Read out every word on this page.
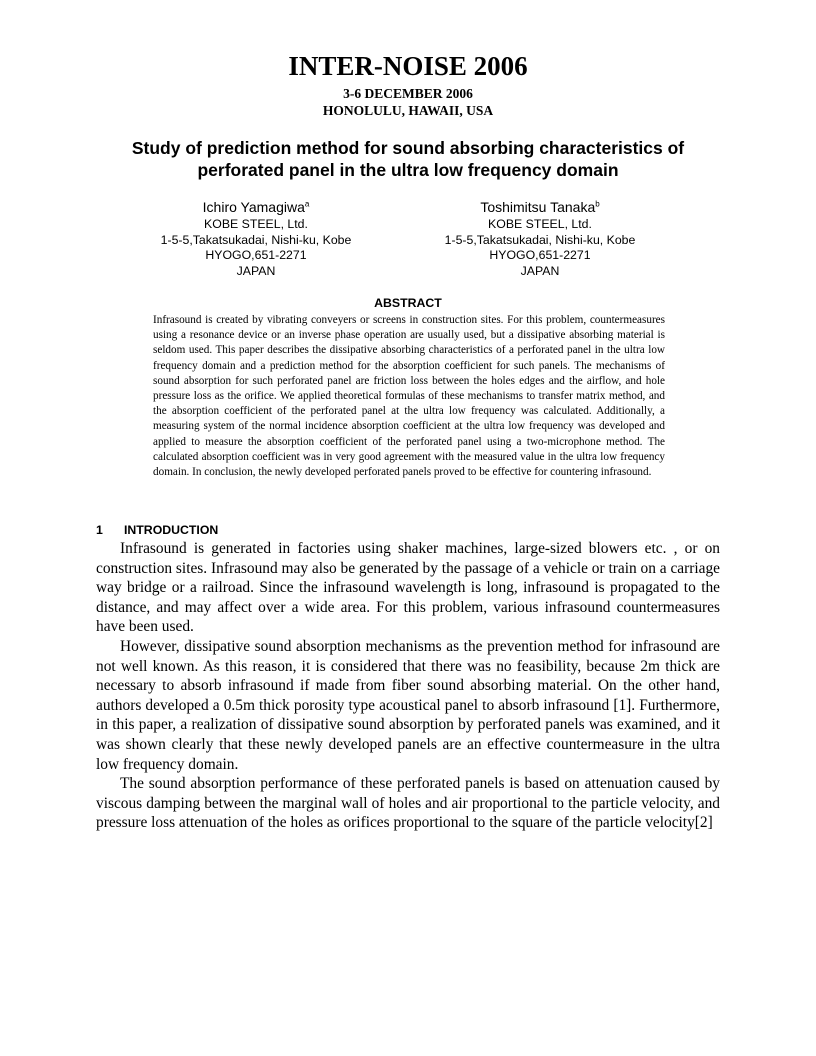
INTER-NOISE 2006
3-6 DECEMBER 2006
HONOLULU, HAWAII, USA
Study of prediction method for sound absorbing characteristics of perforated panel in the ultra low frequency domain
Ichiro Yamagiwa$^a$
KOBE STEEL, Ltd.
1-5-5,Takatsukadai, Nishi-ku, Kobe
HYOGO,651-2271
JAPAN
Toshimitsu Tanaka$^b$
KOBE STEEL, Ltd.
1-5-5,Takatsukadai, Nishi-ku, Kobe
HYOGO,651-2271
JAPAN
ABSTRACT

Infrasound is created by vibrating conveyers or screens in construction sites. For this problem, countermeasures using a resonance device or an inverse phase operation are usually used, but a dissipative absorbing material is seldom used. This paper describes the dissipative absorbing characteristics of a perforated panel in the ultra low frequency domain and a prediction method for the absorption coefficient for such panels. The mechanisms of sound absorption for such perforated panel are friction loss between the holes edges and the airflow, and hole pressure loss as the orifice. We applied theoretical formulas of these mechanisms to transfer matrix method, and the absorption coefficient of the perforated panel at the ultra low frequency was calculated. Additionally, a measuring system of the normal incidence absorption coefficient at the ultra low frequency was developed and applied to measure the absorption coefficient of the perforated panel using a two-microphone method. The calculated absorption coefficient was in very good agreement with the measured value in the ultra low frequency domain. In conclusion, the newly developed perforated panels proved to be effective for countering infrasound.

1 INTRODUCTION

Infrasound is generated in factories using shaker machines, large-sized blowers etc. , or on construction sites. Infrasound may also be generated by the passage of a vehicle or train on a carriage way bridge or a railroad. Since the infrasound wavelength is long, infrasound is propagated to the distance, and may affect over a wide area. For this problem, various infrasound countermeasures have been used.

However, dissipative sound absorption mechanisms as the prevention method for infrasound are not well known. As this reason, it is considered that there was no feasibility, because 2m thick are necessary to absorb infrasound if made from fiber sound absorbing material. On the other hand, authors developed a 0.5m thick porosity type acoustical panel to absorb infrasound [1]. Furthermore, in this paper, a realization of dissipative sound absorption by perforated panels was examined, and it was shown clearly that these newly developed panels are an effective countermeasure in the ultra low frequency domain.

The sound absorption performance of these perforated panels is based on attenuation caused by viscous damping between the marginal wall of holes and air proportional to the particle velocity, and pressure loss attenuation of the holes as orifices proportional to the square of the particle velocity[2]
